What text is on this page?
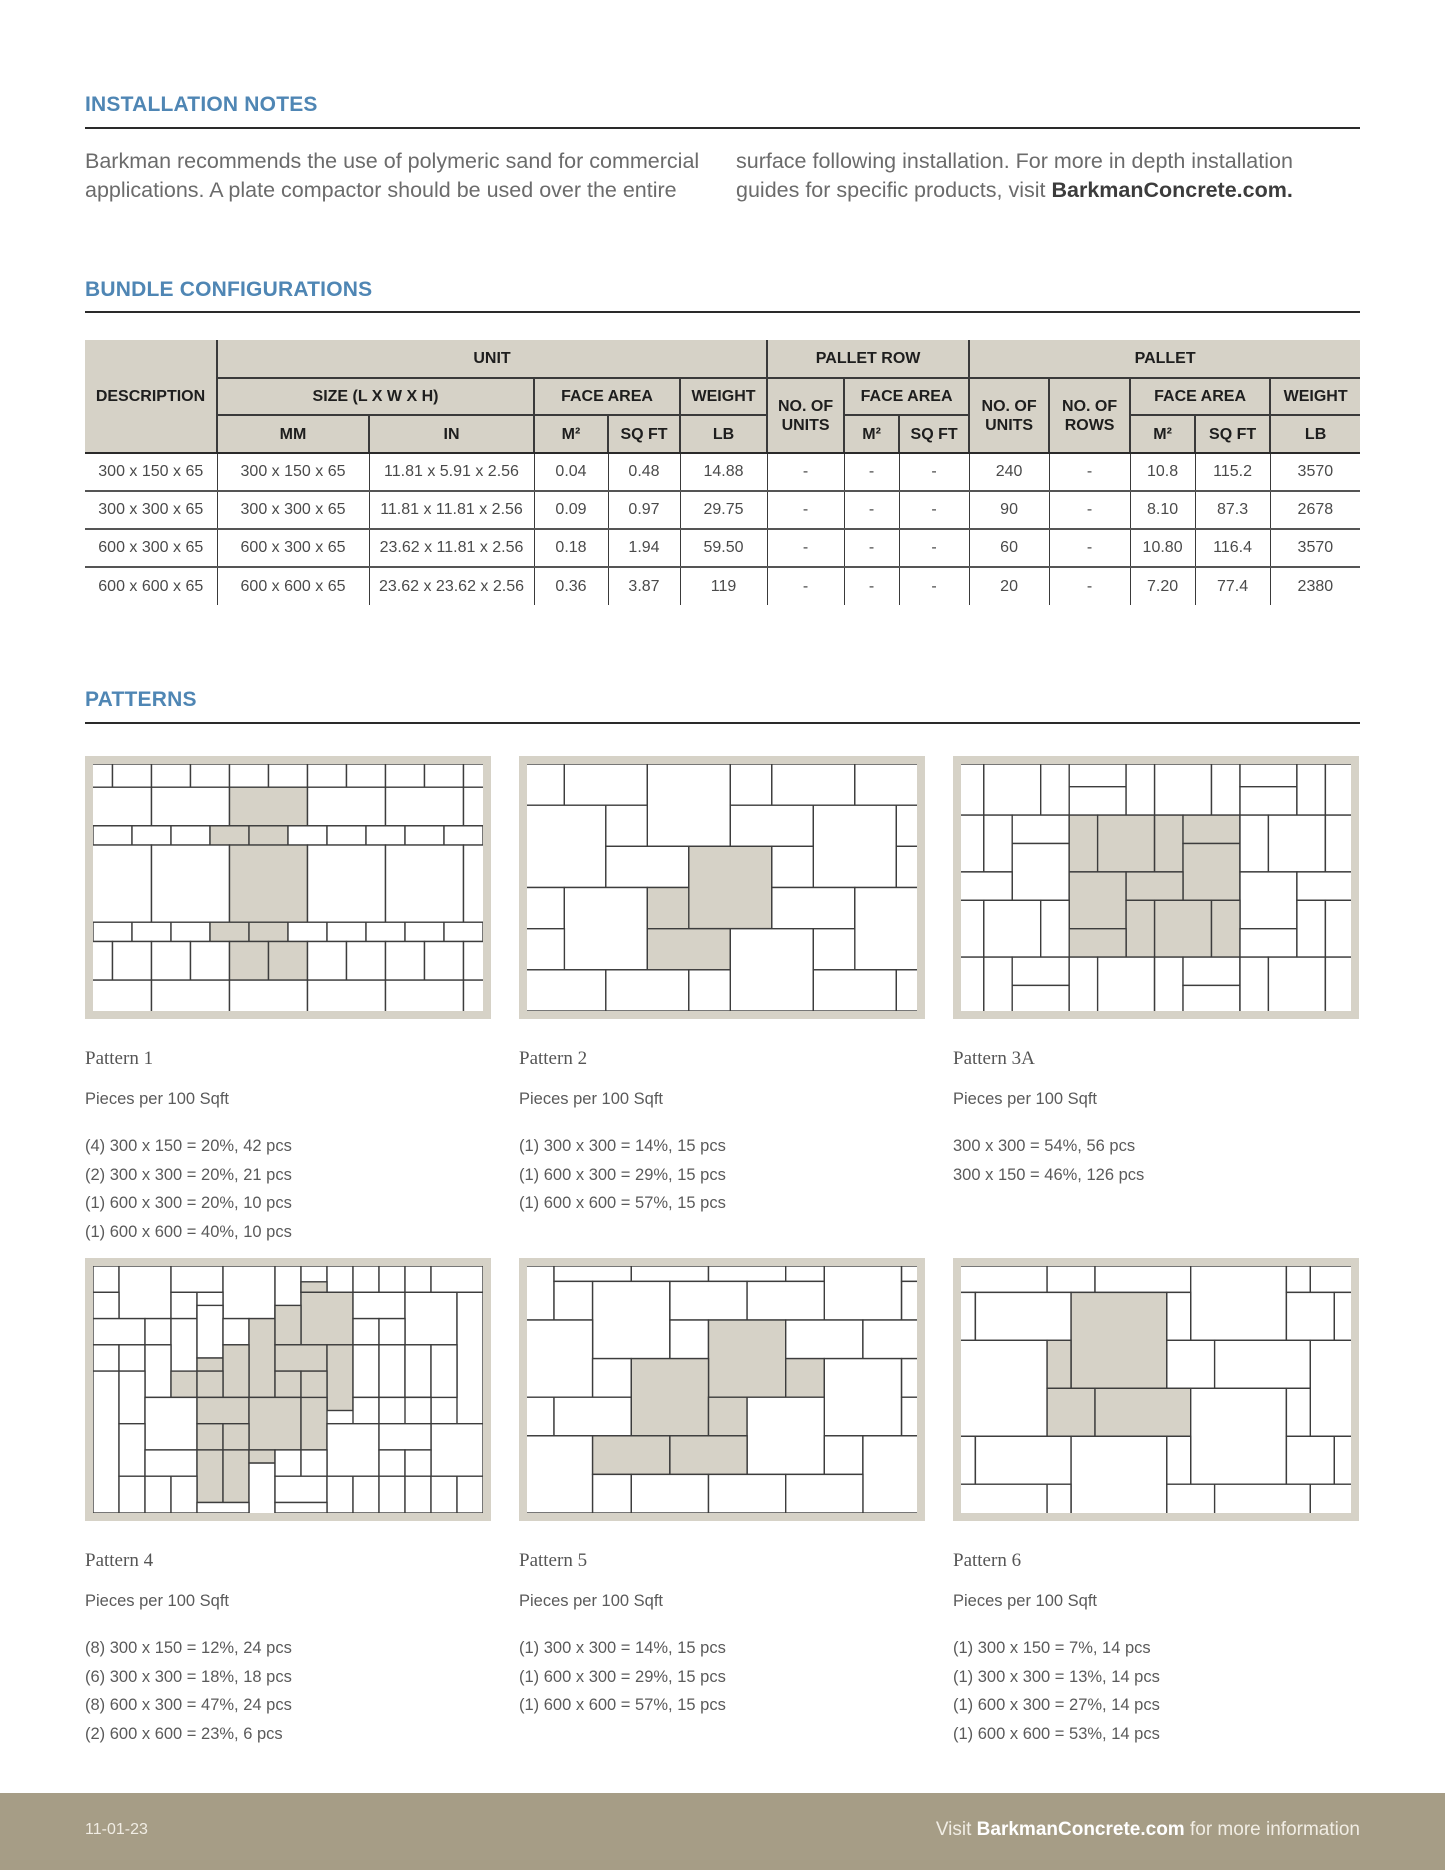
INSTALLATION NOTES
Barkman recommends the use of polymeric sand for commercial applications. A plate compactor should be used over the entire
surface following installation. For more in depth installation guides for specific products, visit BarkmanConcrete.com.
BUNDLE CONFIGURATIONS
DESCRIPTION	UNIT					PALLET ROW			PALLET				
	SIZE (L X W X H)		FACE AREA		WEIGHT	NO. OF UNITS	FACE AREA		NO. OF UNITS	NO. OF ROWS	FACE AREA		WEIGHT
	MM	IN	M²	SQ FT	LB		M²	SQ FT			M²	SQ FT	LB
300 x 150 x 65	300 x 150 x 65	11.81 x 5.91 x 2.56	0.04	0.48	14.88	-	-	-	240	-	10.8	115.2	3570
300 x 300 x 65	300 x 300 x 65	11.81 x 11.81 x 2.56	0.09	0.97	29.75	-	-	-	90	-	8.10	87.3	2678
600 x 300 x 65	600 x 300 x 65	23.62 x 11.81 x 2.56	0.18	1.94	59.50	-	-	-	60	-	10.80	116.4	3570
600 x 600 x 65	600 x 600 x 65	23.62 x 23.62 x 2.56	0.36	3.87	119	-	-	-	20	-	7.20	77.4	2380
PATTERNS
Pattern 1
Pieces per 100 Sqft
(4) 300 x 150 = 20%, 42 pcs
(2) 300 x 300 = 20%, 21 pcs
(1) 600 x 300 = 20%, 10 pcs
(1) 600 x 600 = 40%, 10 pcs
Pattern 2
Pieces per 100 Sqft
(1) 300 x 300 = 14%, 15 pcs
(1) 600 x 300 = 29%, 15 pcs
(1) 600 x 600 = 57%, 15 pcs
Pattern 3A
Pieces per 100 Sqft
300 x 300 = 54%, 56 pcs
300 x 150 = 46%, 126 pcs
Pattern 4
Pieces per 100 Sqft
(8) 300 x 150 = 12%, 24 pcs
(6) 300 x 300 = 18%, 18 pcs
(8) 600 x 300 = 47%, 24 pcs
(2) 600 x 600 = 23%, 6 pcs
Pattern 5
Pieces per 100 Sqft
(1) 300 x 300 = 14%, 15 pcs
(1) 600 x 300 = 29%, 15 pcs
(1) 600 x 600 = 57%, 15 pcs
Pattern 6
Pieces per 100 Sqft
(1) 300 x 150 = 7%, 14 pcs
(1) 300 x 300 = 13%, 14 pcs
(1) 600 x 300 = 27%, 14 pcs
(1) 600 x 600 = 53%, 14 pcs
11-01-23	Visit BarkmanConcrete.com for more information
